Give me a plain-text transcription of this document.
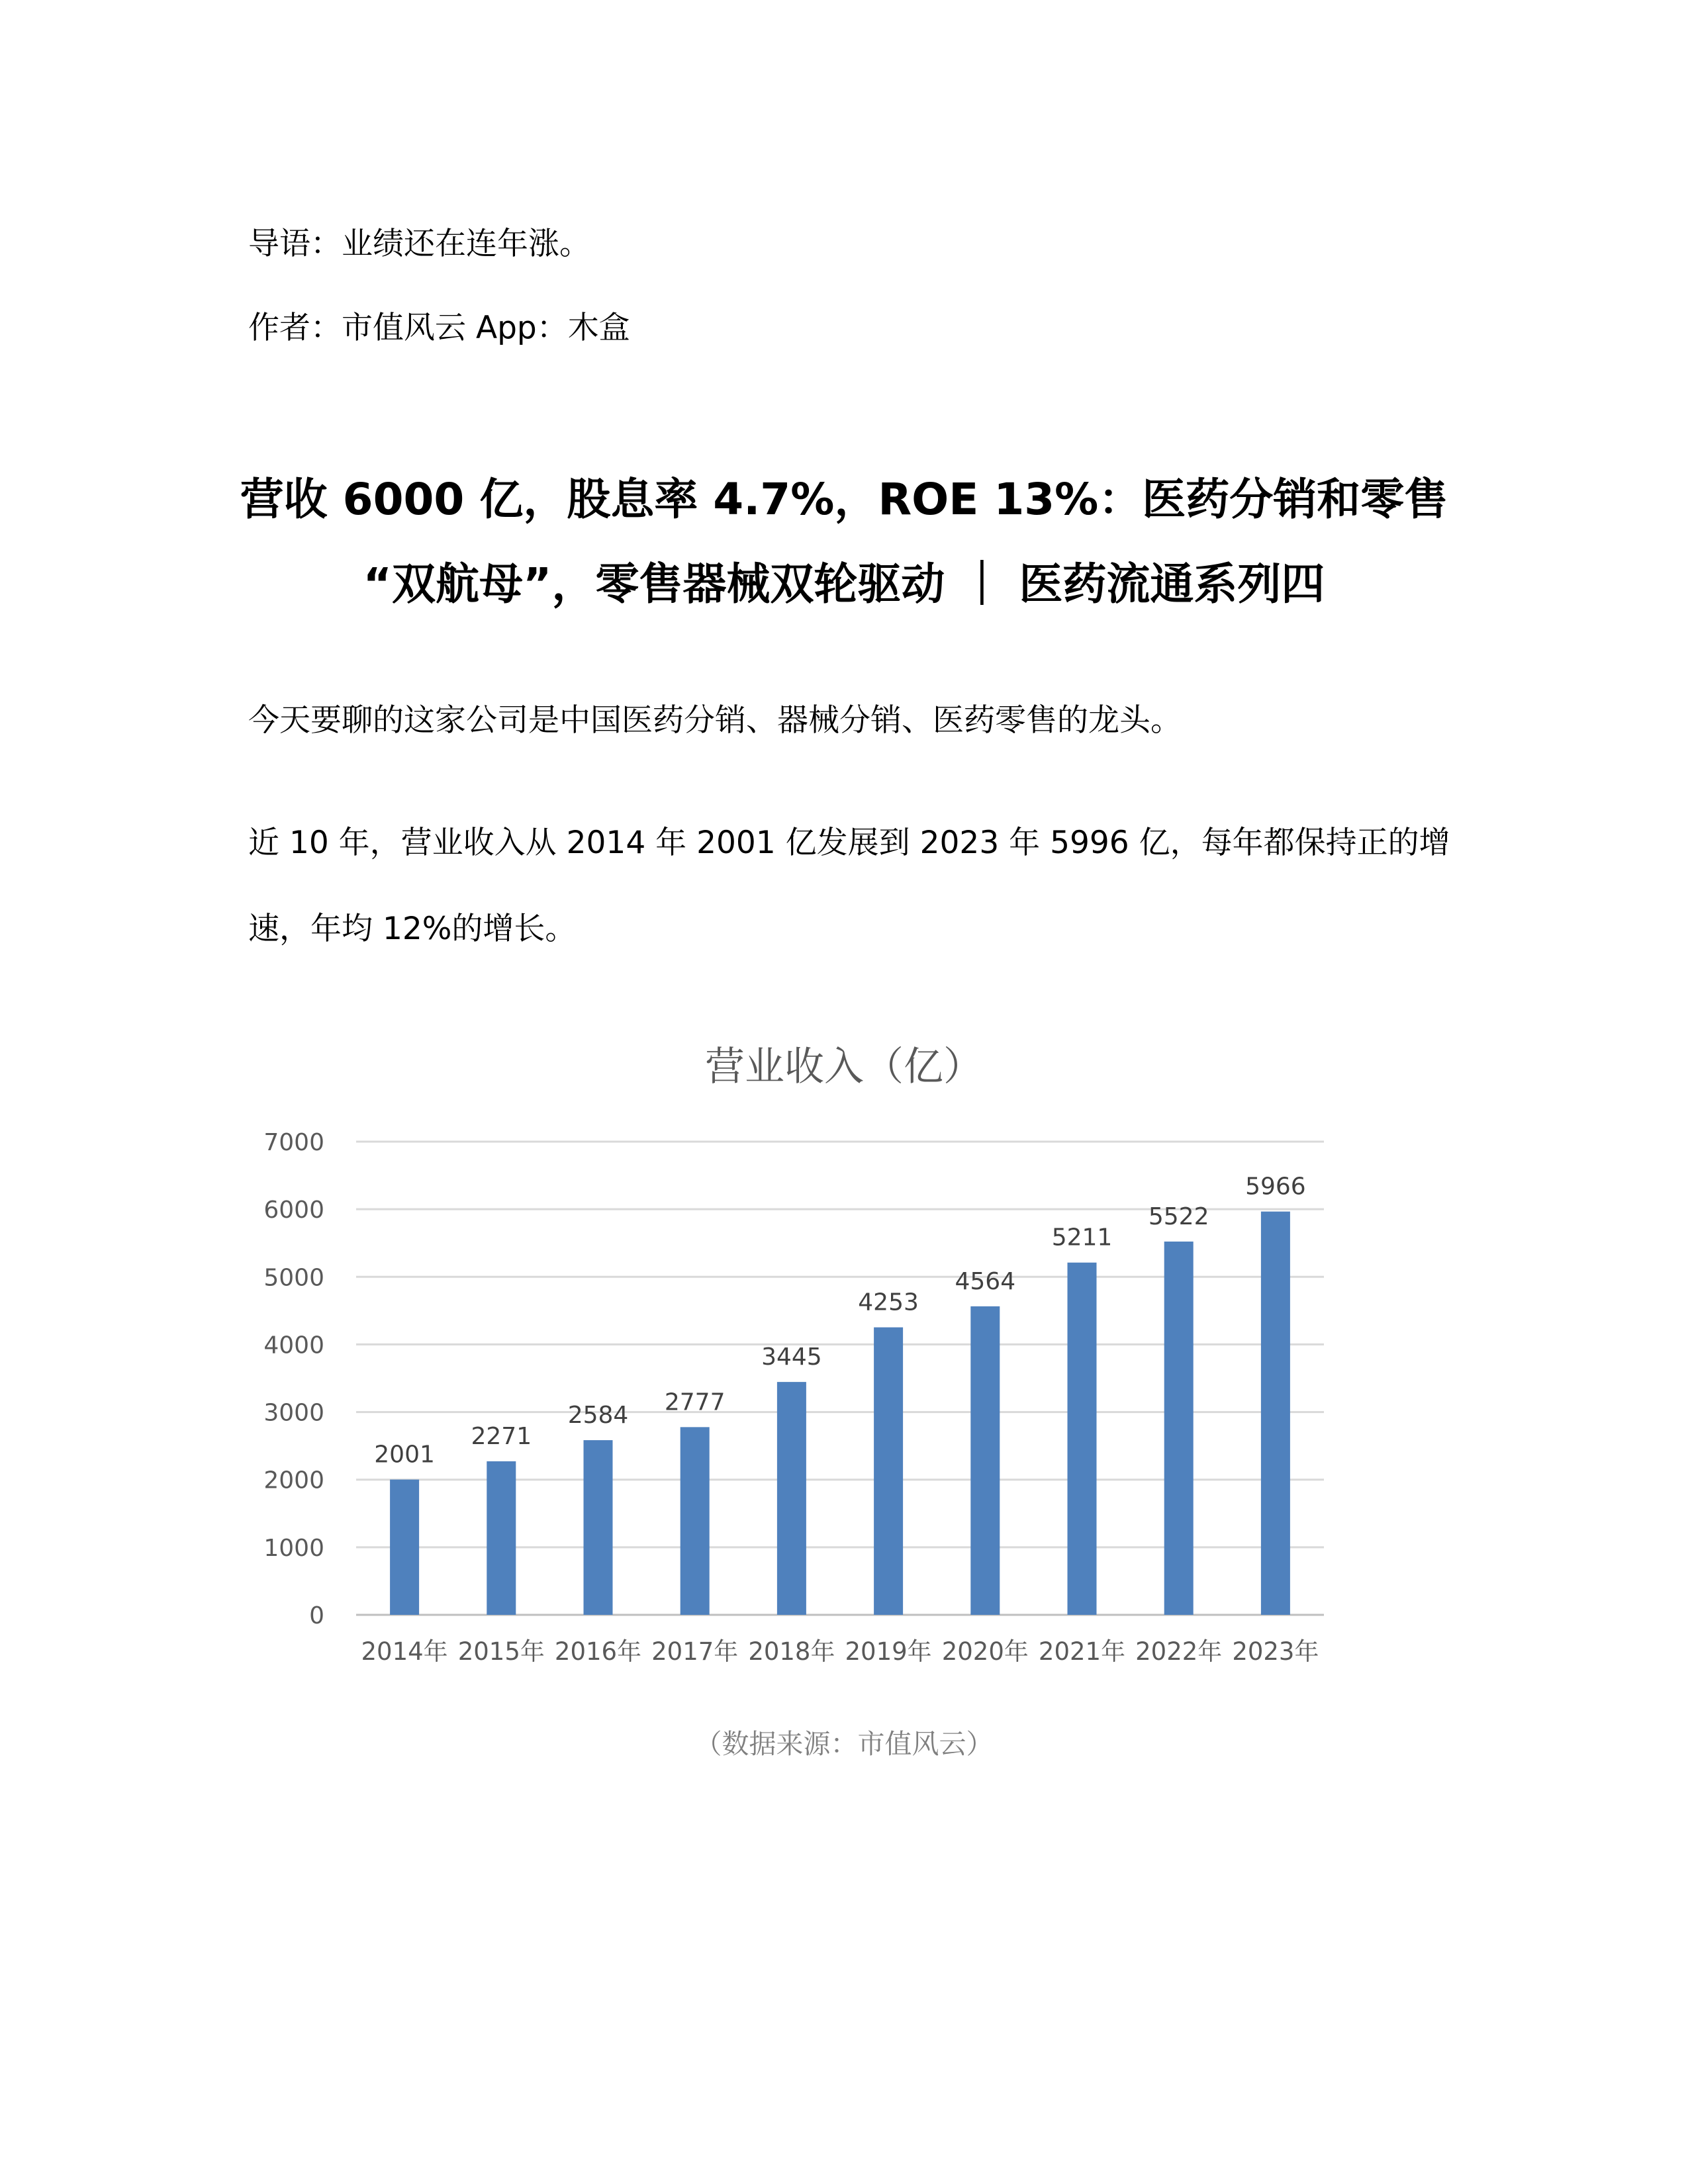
导语：业绩还在连年涨。

作者：市值风云 App：木盒

营收 6000 亿，股息率 4.7%，ROE 13%：医药分销和零售
“双航母”，零售器械双轮驱动 ｜ 医药流通系列四

今天要聊的这家公司是中国医药分销、器械分销、医药零售的龙头。

近 10 年，营业收入从 2014 年 2001 亿发展到 2023 年 5996 亿，每年都保持正的增

速，年均 12%的增长。

营业收入（亿）
0
1000
2000
3000
4000
5000
6000
7000
2001
2271
2584 2777
3445
4253
4564
5211
5522
5966
2014年 2015年 2016年 2017年 2018年 2019年 2020年 2021年 2022年 2023年

（数据来源：市值风云）
